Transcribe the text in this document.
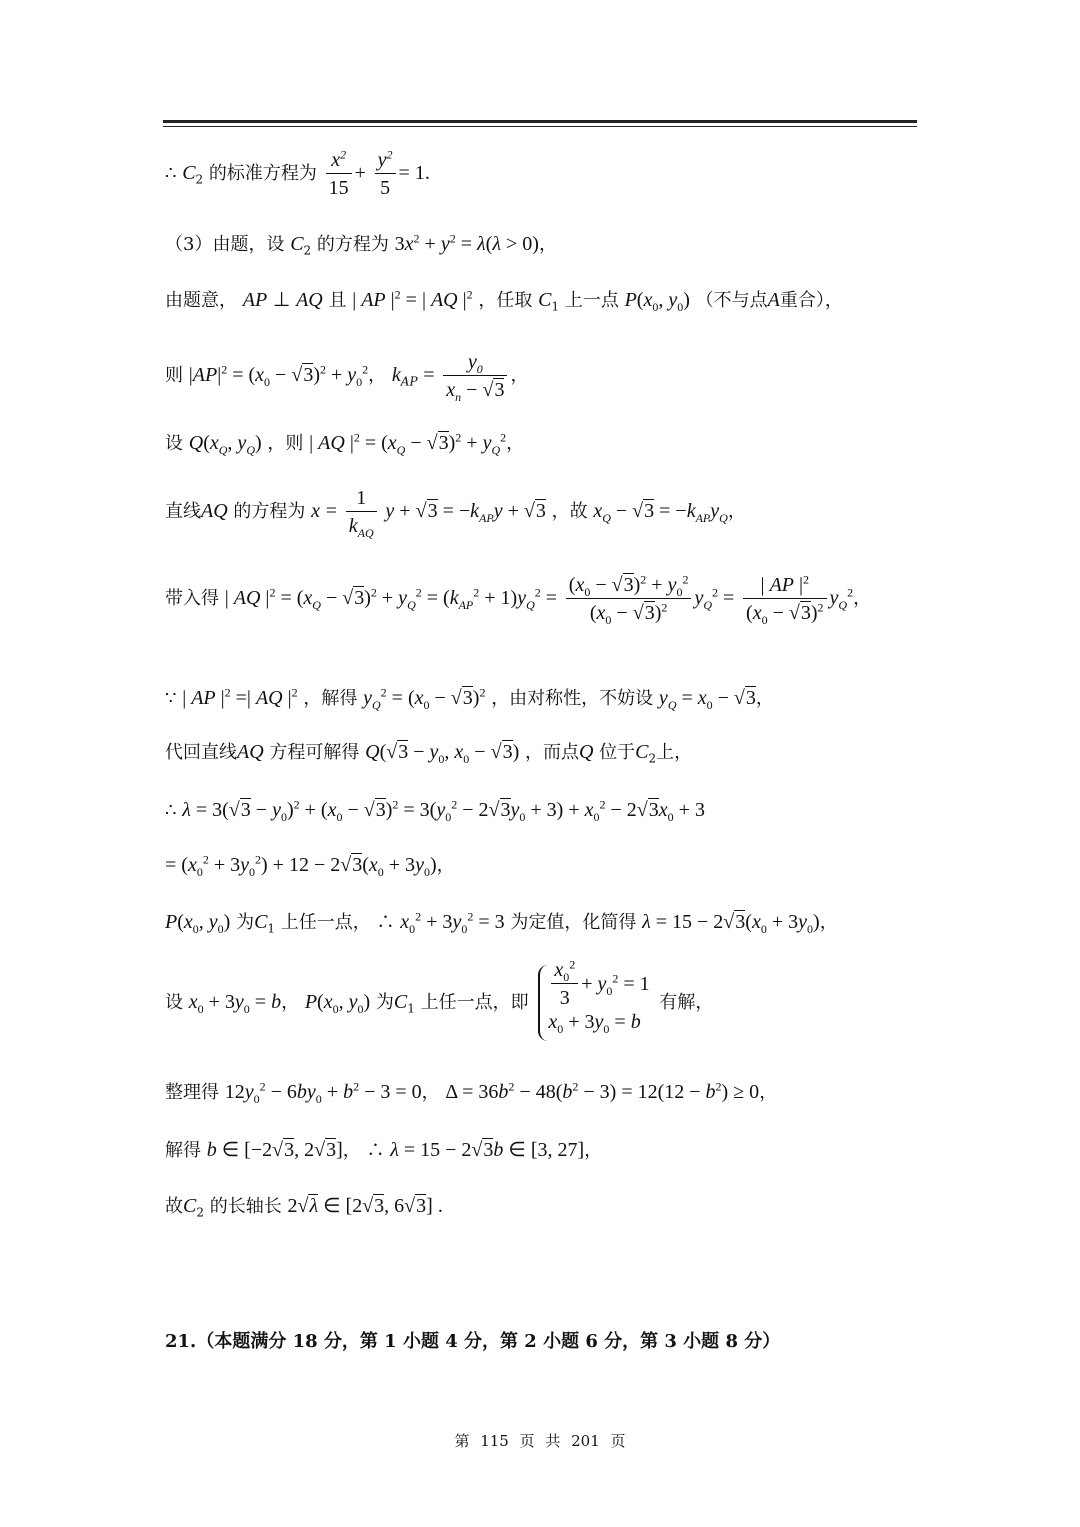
∴ $C_2$ 的标准方程为 $\frac{x^2}{15} + \frac{y^2}{5} = 1$.
（3）由题，设 $C_2$ 的方程为 $3x^2 + y^2 = \lambda(\lambda > 0)$，
由题意， AP ⊥ AQ 且 | AP $|^2$ = | AQ $|^2$ ，任取 $C_1$ 上一点 $P(x_0$, $y_0$) （不与点A重合），
则 $|AP|^2 = (x_0 - √3)^2 + y_0^2$， $k_{AP} = \frac{y_0}{x_n - √3}$ ，
设 $Q(x_Q$, $y_Q$) ，则 | AQ $|^2 = (x_Q - √3)^2 + y_Q^2$，
直线AQ 的方程为 $x = \frac{1}{k_{AQ}}$ $y + √3 = -k_{AP}y + √3$ ，故 $x_Q - √3 = -k_{AP}y_Q$，
带入得 | AQ $|^2 = (x_Q - √3)^2 + y_Q^2 = (k_{AP}^2 + 1)y_Q^2 = \frac{(x_0 - √3)^2 + y_0^2}{(x_0 - √3)^2} y_Q^2 = \frac{| AP |^2}{(x_0 - √3)^2} y_Q^2$，
∵ | AP $|^2$ =| AQ $|^2$ ，解得 $y_Q^2 = (x_0 - √3)^2$ ，由对称性，不妨设 $y_Q = x_0 - √3$，
代回直线AQ 方程可解得 $Q(√3 - y_0$, $x_0 - √3$) ，而点Q 位于$C_2$上，
∴ $\lambda = 3(√3 - y_0)^2 + (x_0 - √3)^2 = 3(y_0^2 - 2√3y_0 + 3) + x_0^2 - 2√3x_0 + 3$
= $(x_0^2 + 3y_0^2) + 12 - 2√3(x_0 + 3y_0)$，
$P(x_0$, $y_0$) 为$C_1$ 上任一点， ∴ $x_0^2 + 3y_0^2 = 3$ 为定值，化简得 $\lambda = 15 - 2√3(x_0 + 3y_0)$，
设 $x_0 + 3y_0 = b$， $P(x_0$, $y_0$) 为$C_1$ 上任一点，即 $\frac{x_0^2}{3} + y_0^2 = 1$
$x_0 + 3y_0 = b$
有解，
整理得 $12y_0^2 - 6by_0 + b^2 - 3 = 0$， $\Delta = 36b^2 - 48(b^2 - 3) = 12(12 - b^2) \ge 0$，
解得 b ∈ [−2√3, 2√3]， ∴ λ = 15 − 2√3b ∈ [3, 27]，
故$C_2$ 的长轴长 2√λ ∈ [2√3, 6√3] .
21.（本题满分 18 分，第 1 小题 4 分，第 2 小题 6 分，第 3 小题 8 分）
第 115 页 共 201 页
